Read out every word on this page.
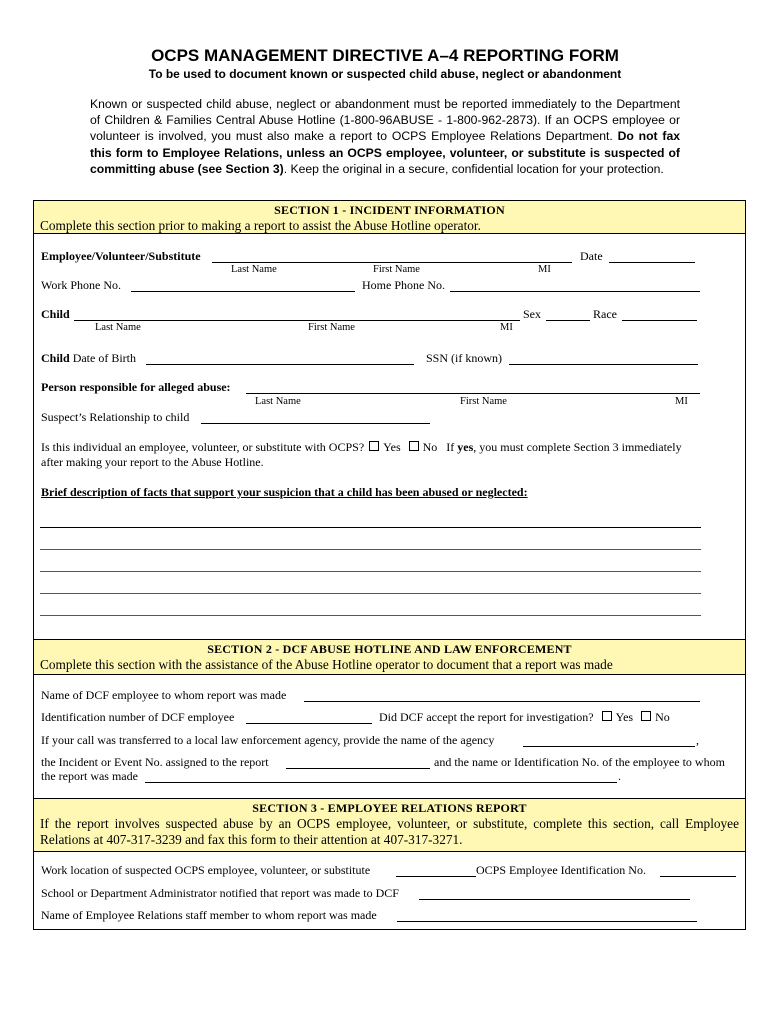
OCPS MANAGEMENT DIRECTIVE A–4 REPORTING FORM
To be used to document known or suspected child abuse, neglect or abandonment
Known or suspected child abuse, neglect or abandonment must be reported immediately to the Department of Children & Families Central Abuse Hotline (1-800-96ABUSE - 1-800-962-2873). If an OCPS employee or volunteer is involved, you must also make a report to OCPS Employee Relations Department. Do not fax this form to Employee Relations, unless an OCPS employee, volunteer, or substitute is suspected of committing abuse (see Section 3). Keep the original in a secure, confidential location for your protection.
SECTION 1 - INCIDENT INFORMATION
Complete this section prior to making a report to assist the Abuse Hotline operator.
Employee/Volunteer/Substitute	Date
Last Name	First Name	MI
Work Phone No.	Home Phone No.
Child	Sex	Race
Last Name	First Name	MI
Child Date of Birth	SSN (if known)
Person responsible for alleged abuse:
Last Name	First Name	MI
Suspect’s Relationship to child
Is this individual an employee, volunteer, or substitute with OCPS? Yes No If yes, you must complete Section 3 immediately
after making your report to the Abuse Hotline.
Brief description of facts that support your suspicion that a child has been abused or neglected:
SECTION 2 - DCF ABUSE HOTLINE AND LAW ENFORCEMENT
Complete this section with the assistance of the Abuse Hotline operator to document that a report was made
Name of DCF employee to whom report was made
Identification number of DCF employee	Did DCF accept the report for investigation? Yes No
If your call was transferred to a local law enforcement agency, provide the name of the agency	,
the Incident or Event No. assigned to the report	and the name or Identification No. of the employee to whom
the report was made	.
SECTION 3 - EMPLOYEE RELATIONS REPORT
If the report involves suspected abuse by an OCPS employee, volunteer, or substitute, complete this section, call Employee Relations at 407-317-3239 and fax this form to their attention at 407-317-3271.
Work location of suspected OCPS employee, volunteer, or substitute	OCPS Employee Identification No.
School or Department Administrator notified that report was made to DCF
Name of Employee Relations staff member to whom report was made
